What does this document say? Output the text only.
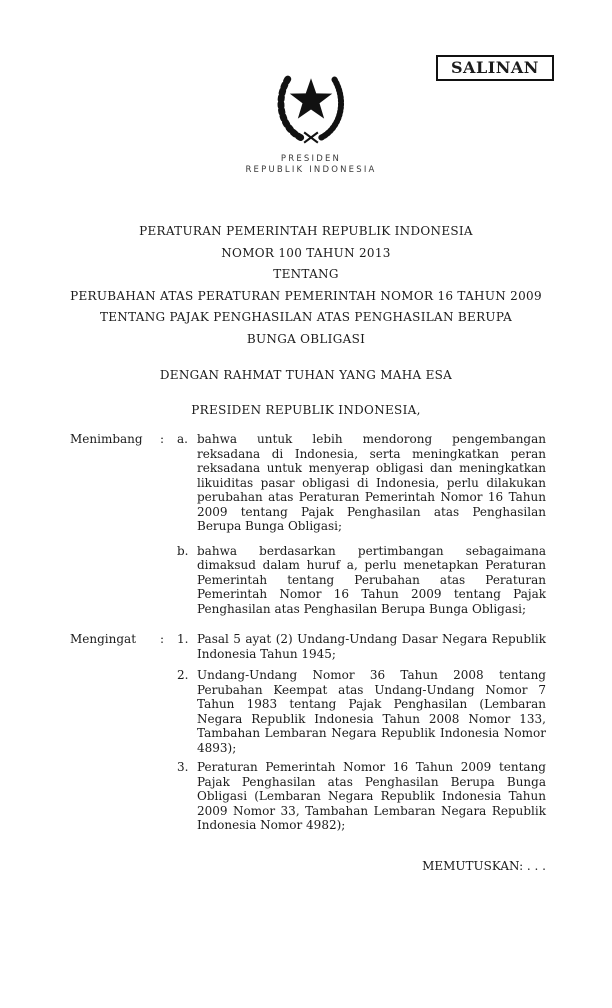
SALINAN
PRESIDEN
REPUBLIK INDONESIA
PERATURAN PEMERINTAH REPUBLIK INDONESIA
NOMOR 100 TAHUN 2013
TENTANG
PERUBAHAN ATAS PERATURAN PEMERINTAH NOMOR 16 TAHUN 2009
TENTANG PAJAK PENGHASILAN ATAS PENGHASILAN BERUPA
BUNGA OBLIGASI
DENGAN RAHMAT TUHAN YANG MAHA ESA
PRESIDEN REPUBLIK INDONESIA,
Menimbang	:	a. bahwa untuk lebih mendorong pengembangan reksadana di Indonesia, serta meningkatkan peran reksadana untuk menyerap obligasi dan meningkatkan likuiditas pasar obligasi di Indonesia, perlu dilakukan perubahan atas Peraturan Pemerintah Nomor 16 Tahun 2009 tentang Pajak Penghasilan atas Penghasilan Berupa Bunga Obligasi;
b. bahwa berdasarkan pertimbangan sebagaimana dimaksud dalam huruf a, perlu menetapkan Peraturan Pemerintah tentang Perubahan atas Peraturan Pemerintah Nomor 16 Tahun 2009 tentang Pajak Penghasilan atas Penghasilan Berupa Bunga Obligasi;
Mengingat	:	1. Pasal 5 ayat (2) Undang-Undang Dasar Negara Republik Indonesia Tahun 1945;
2. Undang-Undang Nomor 36 Tahun 2008 tentang Perubahan Keempat atas Undang-Undang Nomor 7 Tahun 1983 tentang Pajak Penghasilan (Lembaran Negara Republik Indonesia Tahun 2008 Nomor 133, Tambahan Lembaran Negara Republik Indonesia Nomor 4893);
3. Peraturan Pemerintah Nomor 16 Tahun 2009 tentang Pajak Penghasilan atas Penghasilan Berupa Bunga Obligasi (Lembaran Negara Republik Indonesia Tahun 2009 Nomor 33, Tambahan Lembaran Negara Republik Indonesia Nomor 4982);
MEMUTUSKAN: . . .
